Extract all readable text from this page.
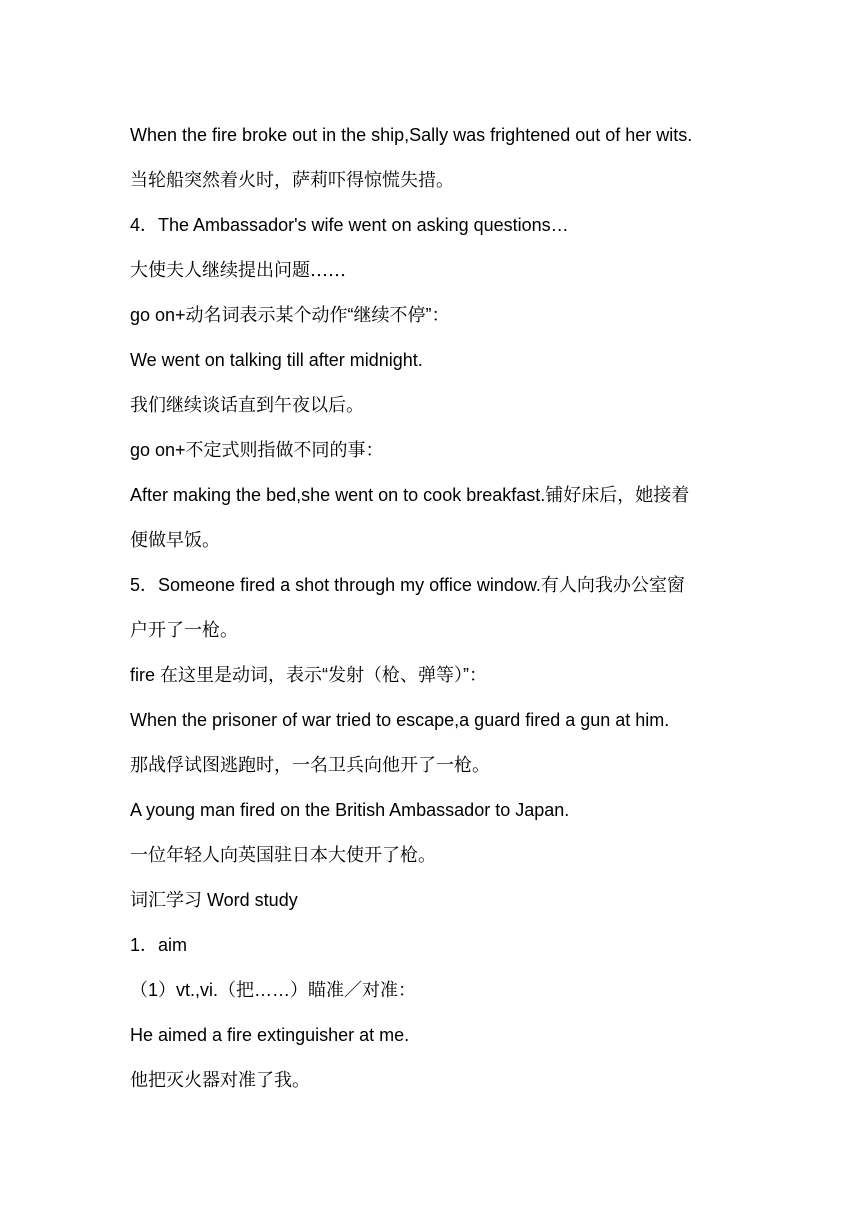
When the fire broke out in the ship,Sally was frightened out of her wits.
当轮船突然着火时，萨莉吓得惊慌失措。
4．The Ambassador's wife went on asking questions…
大使夫人继续提出问题……
go on+动名词表示某个动作“继续不停”：
We went on talking till after midnight.
我们继续谈话直到午夜以后。
go on+不定式则指做不同的事：
After making the bed,she went on to cook breakfast.铺好床后，她接着
便做早饭。
5．Someone fired a shot through my office window.有人向我办公室窗
户开了一枪。
fire 在这里是动词，表示“发射（枪、弹等）”：
When the prisoner of war tried to escape,a guard fired a gun at him.
那战俘试图逃跑时，一名卫兵向他开了一枪。
A young man fired on the British Ambassador to Japan.
一位年轻人向英国驻日本大使开了枪。
词汇学习 Word study
1．aim
（1）vt.,vi.（把……）瞄准／对准：
He aimed a fire extinguisher at me.
他把灭火器对准了我。
